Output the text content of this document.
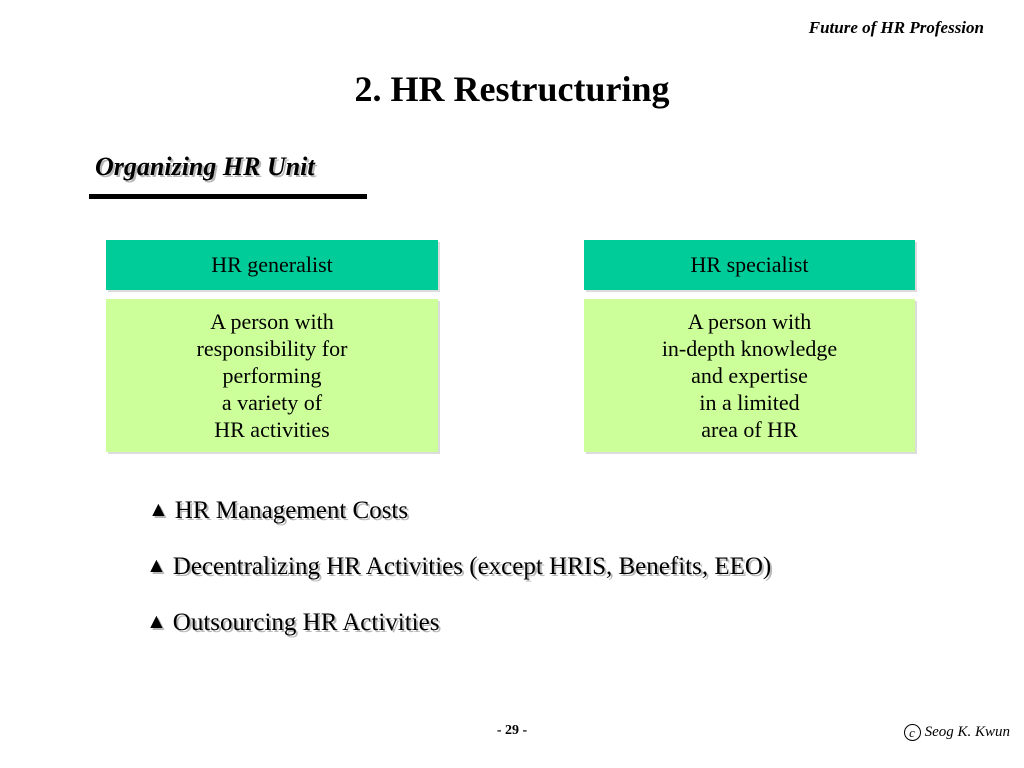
Future of HR Profession
2. HR Restructuring
Organizing HR Unit
HR generalist
A person with
responsibility for
performing
a variety of
HR activities
HR specialist
A person with
in-depth knowledge
and expertise
in a limited
area of HR
▲ HR Management Costs
▲ Decentralizing HR Activities (except HRIS, Benefits, EEO)
▲ Outsourcing HR Activities
- 29 -	c Seog K. Kwun
